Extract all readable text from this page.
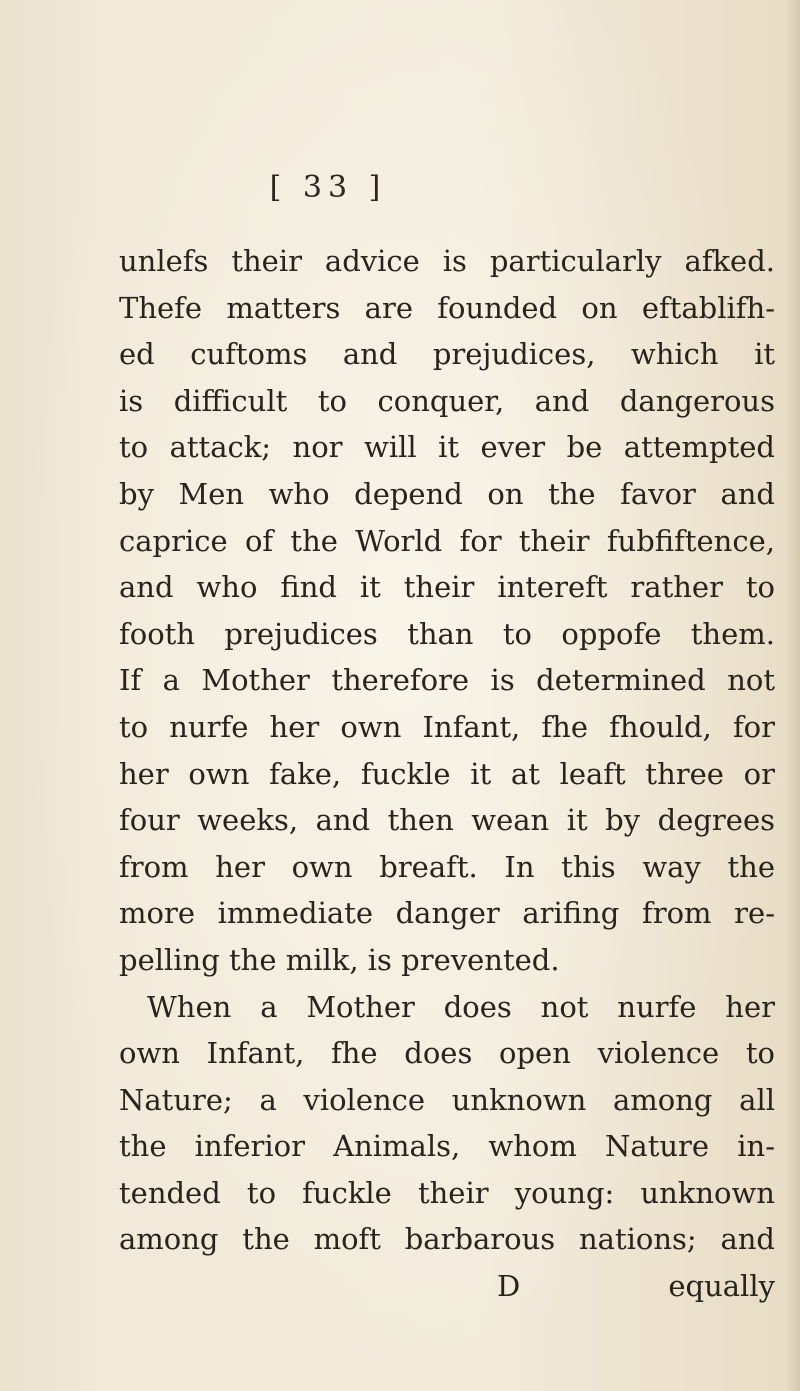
[ 33 ]
unlefs their advice is particularly afked.
Thefe matters are founded on eftablifh-
ed cuftoms and prejudices, which it
is difficult to conquer, and dangerous
to attack; nor will it ever be attempted
by Men who depend on the favor and
caprice of the World for their fubfiftence,
and who find it their intereft rather to
footh prejudices than to oppofe them.
If a Mother therefore is determined not
to nurfe her own Infant, fhe fhould, for
her own fake, fuckle it at leaft three or
four weeks, and then wean it by degrees
from her own breaft. In this way the
more immediate danger arifing from re-
pelling the milk, is prevented.
When a Mother does not nurfe her
own Infant, fhe does open violence to
Nature; a violence unknown among all
the inferior Animals, whom Nature in-
tended to fuckle their young: unknown
among the moft barbarous nations; and
D	equally
